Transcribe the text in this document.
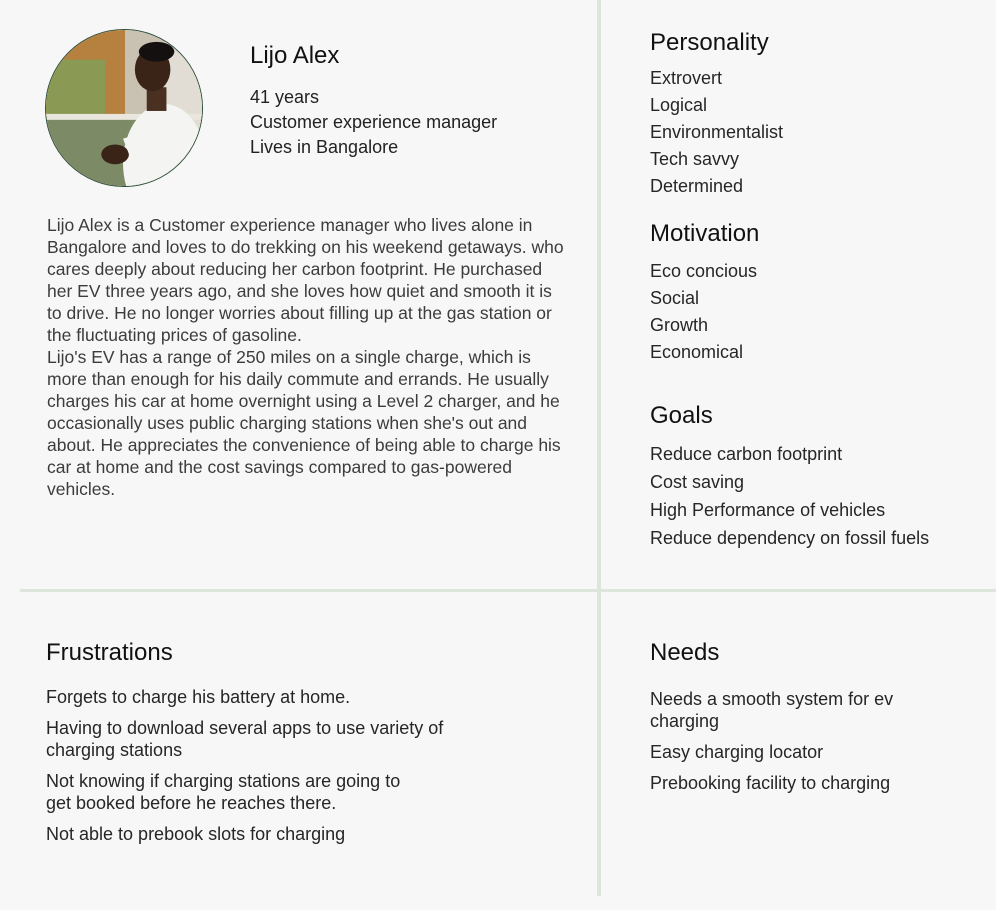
Lijo Alex
41 years
Customer experience manager
Lives in Bangalore

Lijo Alex is a Customer experience manager who lives alone in Bangalore and loves to do trekking on his weekend getaways. who cares deeply about reducing her carbon footprint. He purchased her EV three years ago, and she loves how quiet and smooth it is to drive. He no longer worries about filling up at the gas station or the fluctuating prices of gasoline.

Lijo's EV has a range of 250 miles on a single charge, which is more than enough for his daily commute and errands. He usually charges his car at home overnight using a Level 2 charger, and he occasionally uses public charging stations when she's out and about. He appreciates the convenience of being able to charge his car at home and the cost savings compared to gas-powered vehicles.

Personality
Extrovert
Logical
Environmentalist
Tech savvy
Determined
Motivation
Eco concious
Social
Growth
Economical
Goals
Reduce carbon footprint
Cost saving
High Performance of vehicles
Reduce dependency on fossil fuels
Frustrations
Forgets to charge his battery at home.
Having to download several apps to use variety of charging stations
Not knowing if charging stations are going to get booked before he reaches there.
Not able to prebook slots for charging
Needs
Needs a smooth system for ev charging
Easy charging locator
Prebooking facility to charging
